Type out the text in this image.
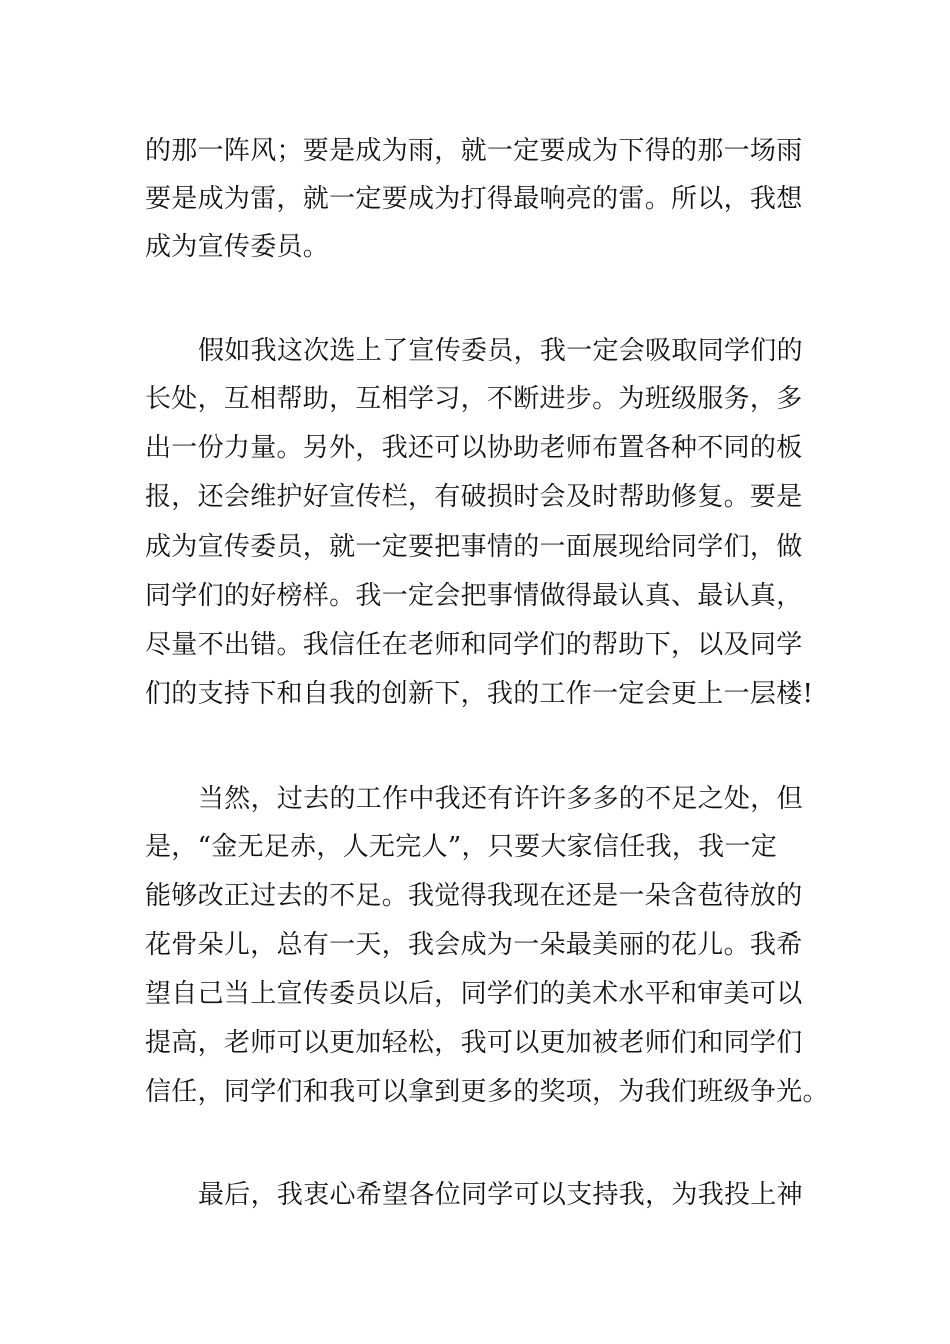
的那一阵风；要是成为雨，就一定要成为下得的那一场雨
要是成为雷，就一定要成为打得最响亮的雷。所以，我想
成为宣传委员。
假如我这次选上了宣传委员，我一定会吸取同学们的
长处，互相帮助，互相学习，不断进步。为班级服务，多
出一份力量。另外，我还可以协助老师布置各种不同的板
报，还会维护好宣传栏，有破损时会及时帮助修复。要是
成为宣传委员，就一定要把事情的一面展现给同学们，做
同学们的好榜样。我一定会把事情做得最认真、最认真，
尽量不出错。我信任在老师和同学们的帮助下，以及同学
们的支持下和自我的创新下，我的工作一定会更上一层楼!
当然，过去的工作中我还有许许多多的不足之处，但
是，“金无足赤，人无完人”，只要大家信任我，我一定
能够改正过去的不足。我觉得我现在还是一朵含苞待放的
花骨朵儿，总有一天，我会成为一朵最美丽的花儿。我希
望自己当上宣传委员以后，同学们的美术水平和审美可以
提高，老师可以更加轻松，我可以更加被老师们和同学们
信任，同学们和我可以拿到更多的奖项，为我们班级争光。
最后，我衷心希望各位同学可以支持我，为我投上神
